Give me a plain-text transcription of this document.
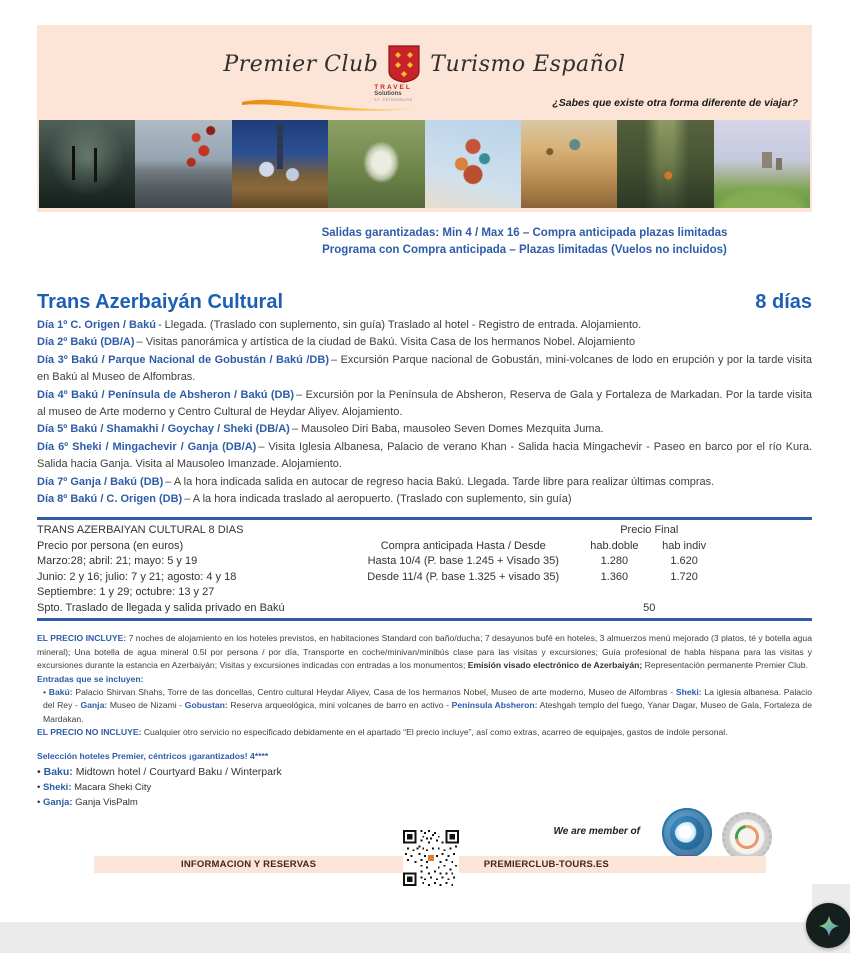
Premier Club
TRAVEL
Solutions
ST. PETERSBURG
Turismo Español
¿Sabes que existe otra forma diferente de viajar?
Salidas garantizadas: Min 4 / Max 16 – Compra anticipada plazas limitadas
Programa con Compra anticipada – Plazas limitadas (Vuelos no incluidos)
Trans Azerbaiyán Cultural	8 días

Día 1º C. Origen / Bakú - Llegada. (Traslado con suplemento, sin guía) Traslado al hotel - Registro de entrada. Alojamiento.

Día 2º Bakú (DB/A) – Visitas panorámica y artística de la ciudad de Bakú. Visita Casa de los hermanos Nobel. Alojamiento

Día 3º Bakú / Parque Nacional de Gobustán / Bakú /DB) – Excursión Parque nacional de Gobustán, mini-volcanes de lodo en erupción y por la tarde visita en Bakú al Museo de Alfombras.

Día 4º Bakú / Península de Absheron / Bakú (DB) – Excursión por la Península de Absheron, Reserva de Gala y Fortaleza de Markadan. Por la tarde visita al museo de Arte moderno y Centro Cultural de Heydar Aliyev. Alojamiento.

Día 5º Bakú / Shamakhi / Goychay / Sheki (DB/A) – Mausoleo Diri Baba, mausoleo Seven Domes Mezquita Juma.

Día 6º Sheki / Mingachevir / Ganja (DB/A) – Visita Iglesia Albanesa, Palacio de verano Khan - Salida hacia Mingachevir - Paseo en barco por el río Kura. Salida hacia Ganja. Visita al Mausoleo Imanzade. Alojamiento.

Día 7º Ganja / Bakú (DB) – A la hora indicada salida en autocar de regreso hacia Bakú. Llegada. Tarde libre para realizar últimas compras.

Día 8º Bakú / C. Origen (DB) – A la hora indicada traslado al aeropuerto. (Traslado con suplemento, sin guía)

TRANS AZERBAIYAN CULTURAL 8 DIAS	Precio Final
Precio por persona (en euros)	Compra anticipada Hasta / Desde	hab.doble	hab indiv
Marzo:28; abril: 21; mayo: 5 y 19	Hasta 10/4 (P. base 1.245 + Visado 35)	1.280	1.620
Junio: 2 y 16; julio: 7 y 21; agosto: 4 y 18	Desde 11/4 (P. base 1.325 + visado 35)	1.360	1.720
Septiembre: 1 y 29; octubre: 13 y 27
Spto. Traslado de llegada y salida privado en Bakú	50

EL PRECIO INCLUYE: 7 noches de alojamiento en los hoteles previstos, en habitaciones Standard con baño/ducha; 7 desayunos bufé en hoteles, 3 almuerzos menú mejorado (3 platos, té y botella agua mineral); Una botella de agua mineral 0.5l por persona / por día, Transporte en coche/minivan/minibús clase para las visitas y excursiones; Guía profesional de habla hispana para las visitas y excursiones durante la estancia en Azerbaiyán; Visitas y excursiones indicadas con entradas a los monumentos; Emisión visado electrónico de Azerbaiyán; Representación permanente Premier Club.

Entradas que se incluyen:

• Bakú: Palacio Shirvan Shahs, Torre de las doncellas, Centro cultural Heydar Aliyev, Casa de los hermanos Nobel, Museo de arte moderno, Museo de Alfombras - Sheki: La iglesia albanesa. Palacio del Rey - Ganja: Museo de Nizami - Gobustan: Reserva arqueológica, mini volcanes de barro en activo - Península Absheron: Ateshgah templo del fuego, Yanar Dagar, Museo de Gala, Fortaleza de Mardakan.

EL PRECIO NO INCLUYE: Cualquier otro servicio no especificado debidamente en el apartado “El precio incluye”, así como extras, acarreo de equipajes, gastos de índole personal.

Selección hoteles Premier, céntricos ¡garantizados! 4****

• Baku: Midtown hotel / Courtyard Baku / Winterpark

• Sheki: Macara Sheki City

• Ganja: Ganja VisPalm

We are member of
INFORMACION Y RESERVAS	PREMIERCLUB-TOURS.ES
